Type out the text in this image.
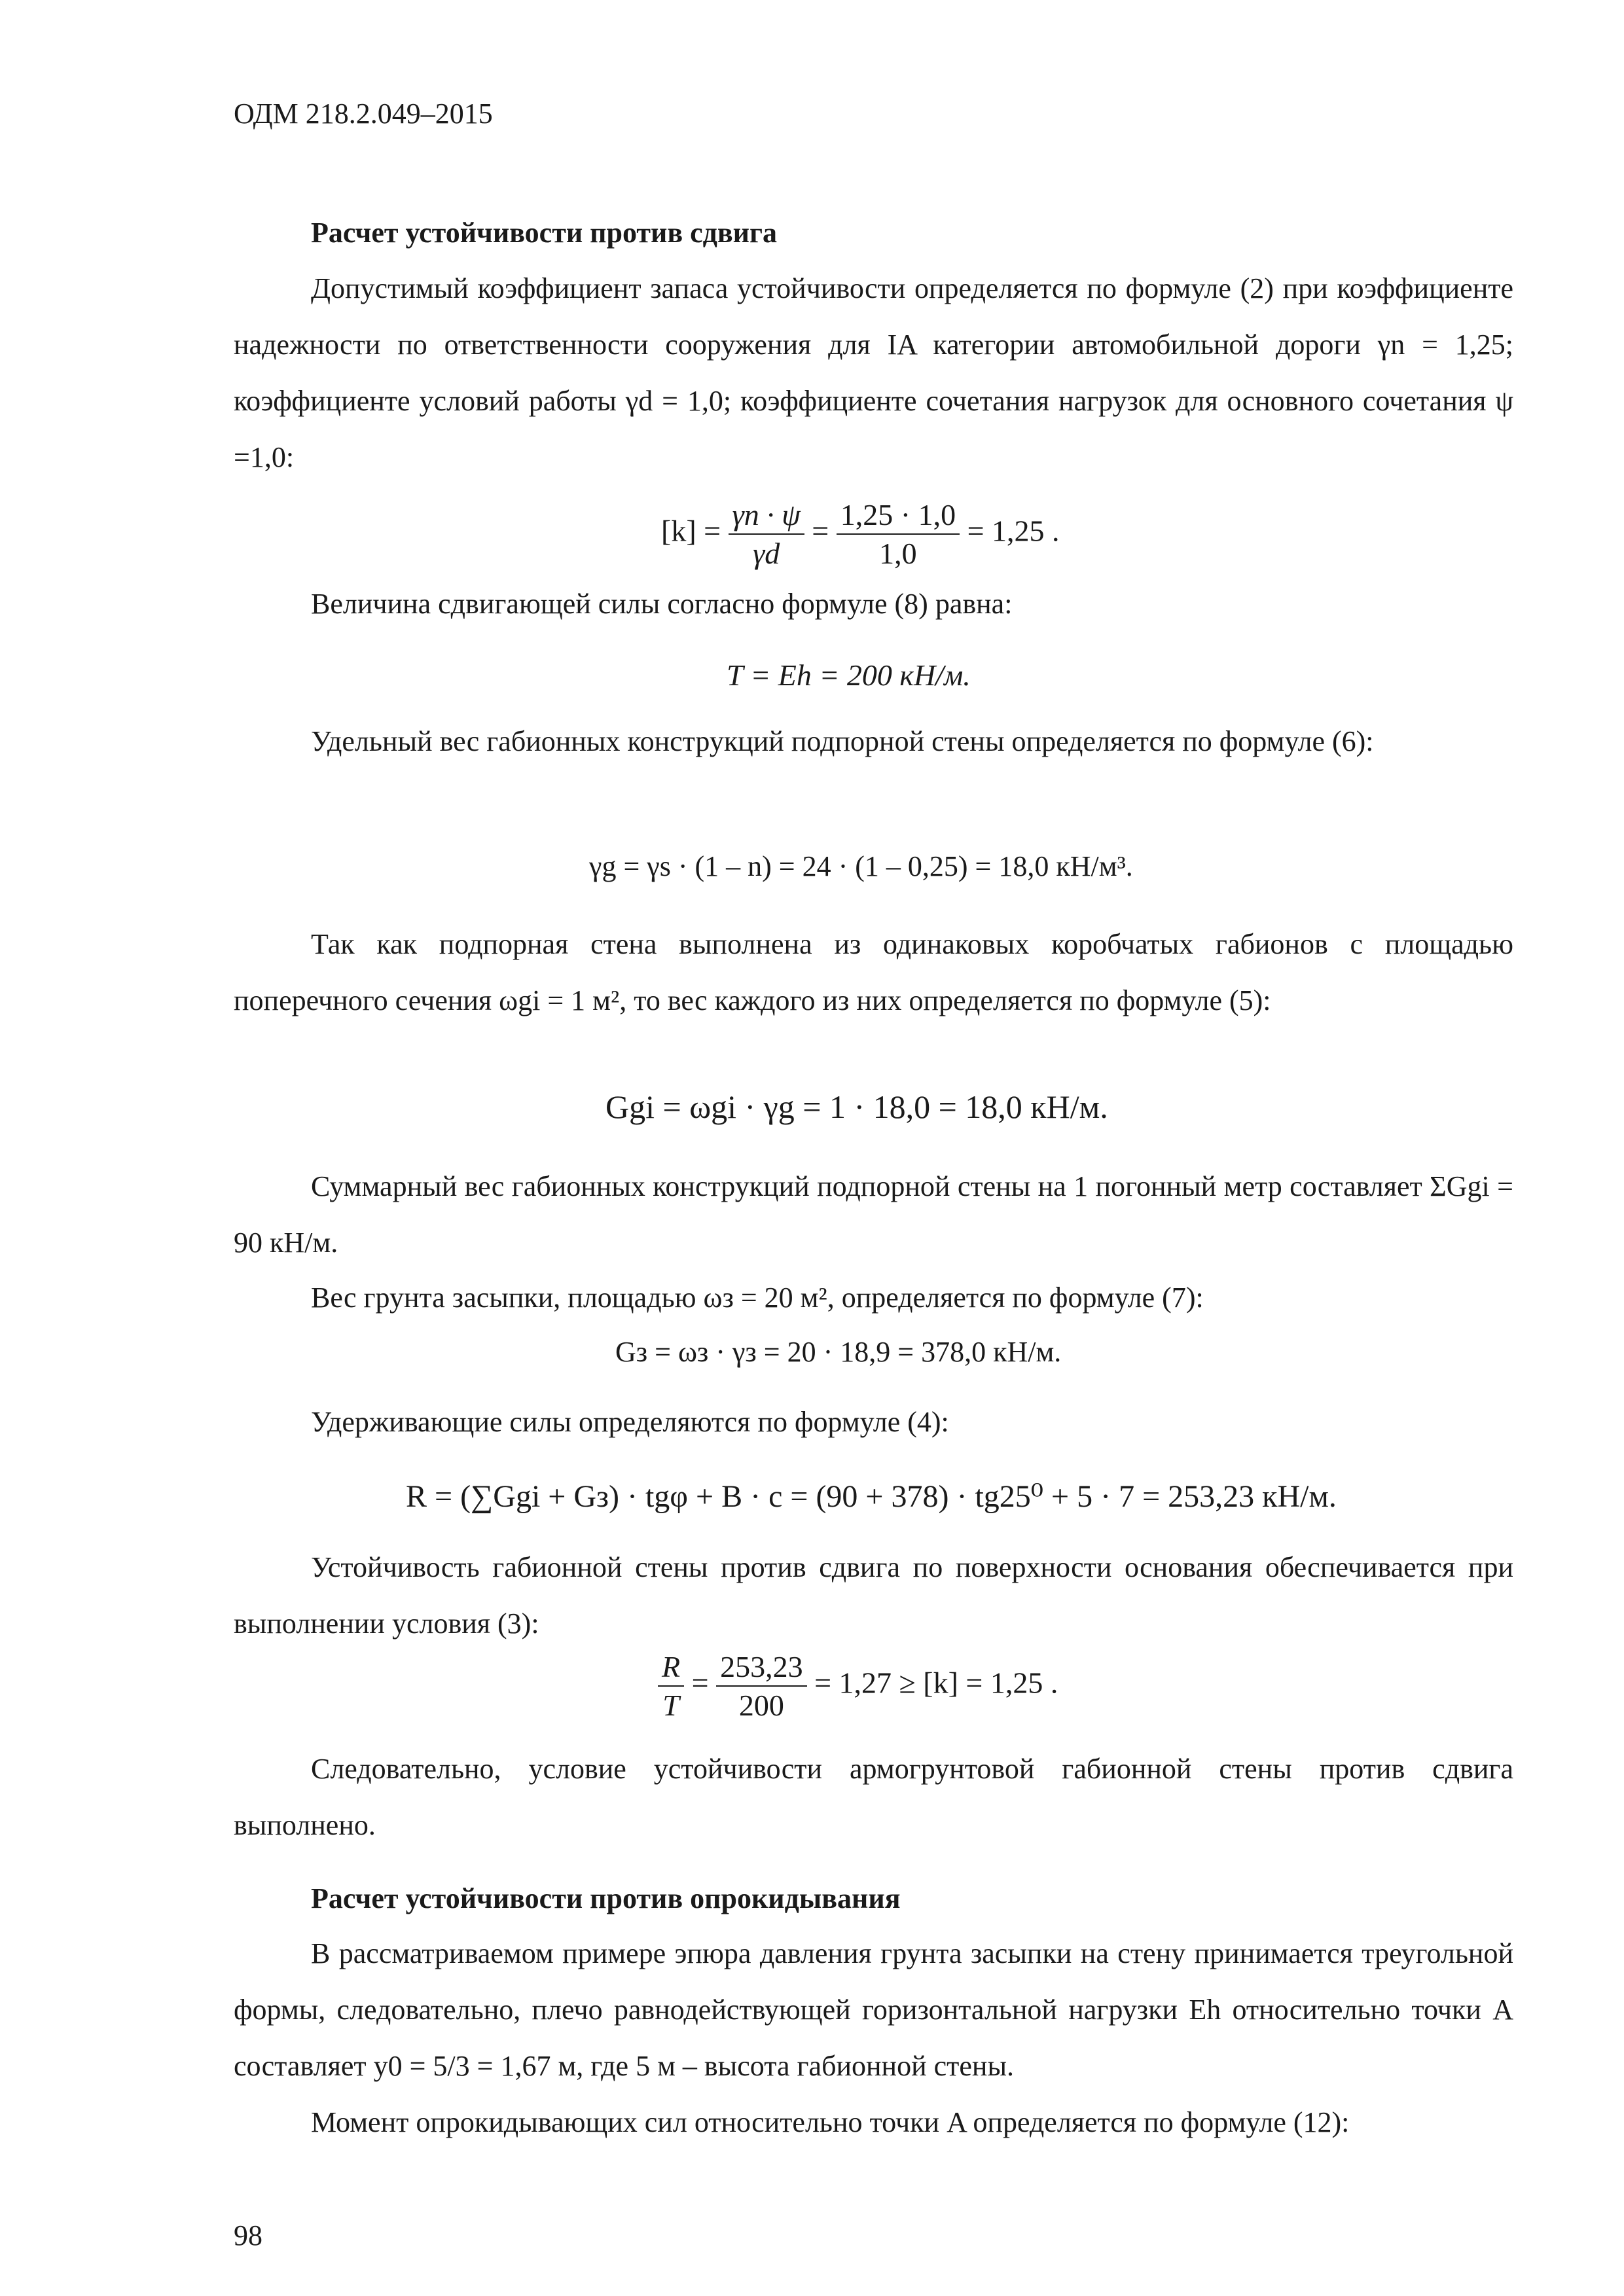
ОДМ 218.2.049–2015
Расчет устойчивости против сдвига

Допустимый коэффициент запаса устойчивости определяется по формуле (2) при коэффициенте надежности по ответственности сооружения для IA категории автомобильной дороги γn = 1,25; коэффициенте условий работы γd = 1,0; коэффициенте сочетания нагрузок для основного сочетания ψ =1,0:

$[k] = \frac{\gamma n \cdot \psi}{\gamma d} = \frac{1,25 \cdot 1,0}{1,0} = 1,25$ .

Величина сдвигающей силы согласно формуле (8) равна:

T = Eh = 200 кН/м.

Удельный вес габионных конструкций подпорной стены определяется по формуле (6):

γg = γs · (1 – n) = 24 · (1 – 0,25) = 18,0 кН/м³.

Так как подпорная стена выполнена из одинаковых коробчатых габионов с площадью поперечного сечения ωgi = 1 м², то вес каждого из них определяется по формуле (5):

Ggi = ωgi · γg = 1 · 18,0 = 18,0 кН/м.

Суммарный вес габионных конструкций подпорной стены на 1 погонный метр составляет ΣGgi = 90 кН/м.

Вес грунта засыпки, площадью ωз = 20 м², определяется по формуле (7):

Gз = ωз · γз = 20 · 18,9 = 378,0 кН/м.

Удерживающие силы определяются по формуле (4):

R = (∑Ggi + Gз) · tgφ + B · c = (90 + 378) · tg25⁰ + 5 · 7 = 253,23 кН/м.

Устойчивость габионной стены против сдвига по поверхности основания обеспечивается при выполнении условия (3):

$\frac{R}{T} = \frac{253,23}{200} = 1,27 \ge [k] = 1,25$ .

Следовательно, условие устойчивости армогрунтовой габионной стены против сдвига выполнено.

Расчет устойчивости против опрокидывания

В рассматриваемом примере эпюра давления грунта засыпки на стену принимается треугольной формы, следовательно, плечо равнодействующей горизонтальной нагрузки Eh относительно точки A составляет y0 = 5/3 = 1,67 м, где 5 м – высота габионной стены.

Момент опрокидывающих сил относительно точки A определяется по формуле (12):

98
